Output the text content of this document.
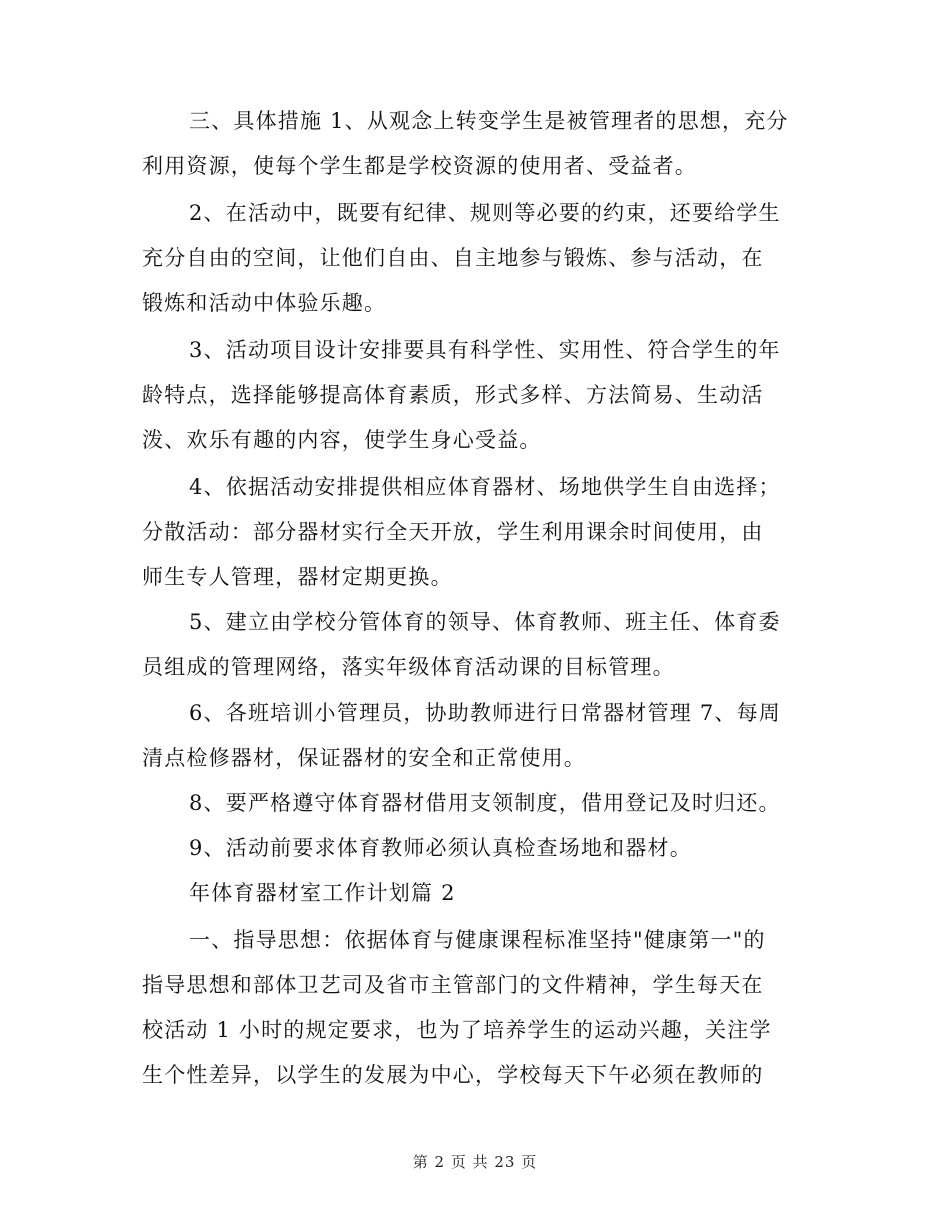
三、具体措施 1、从观念上转变学生是被管理者的思想，充分
利用资源，使每个学生都是学校资源的使用者、受益者。
2、在活动中，既要有纪律、规则等必要的约束，还要给学生
充分自由的空间，让他们自由、自主地参与锻炼、参与活动，在
锻炼和活动中体验乐趣。
3、活动项目设计安排要具有科学性、实用性、符合学生的年
龄特点，选择能够提高体育素质，形式多样、方法简易、生动活
泼、欢乐有趣的内容，使学生身心受益。
4、依据活动安排提供相应体育器材、场地供学生自由选择；
分散活动：部分器材实行全天开放，学生利用课余时间使用，由
师生专人管理，器材定期更换。
5、建立由学校分管体育的领导、体育教师、班主任、体育委
员组成的管理网络，落实年级体育活动课的目标管理。
6、各班培训小管理员，协助教师进行日常器材管理 7、每周
清点检修器材，保证器材的安全和正常使用。
8、要严格遵守体育器材借用支领制度，借用登记及时归还。
9、活动前要求体育教师必须认真检查场地和器材。
年体育器材室工作计划篇 2
一、指导思想：依据体育与健康课程标准坚持"健康第一"的
指导思想和部体卫艺司及省市主管部门的文件精神，学生每天在
校活动 1 小时的规定要求，也为了培养学生的运动兴趣，关注学
生个性差异，以学生的发展为中心，学校每天下午必须在教师的
第 2 页 共 23 页
